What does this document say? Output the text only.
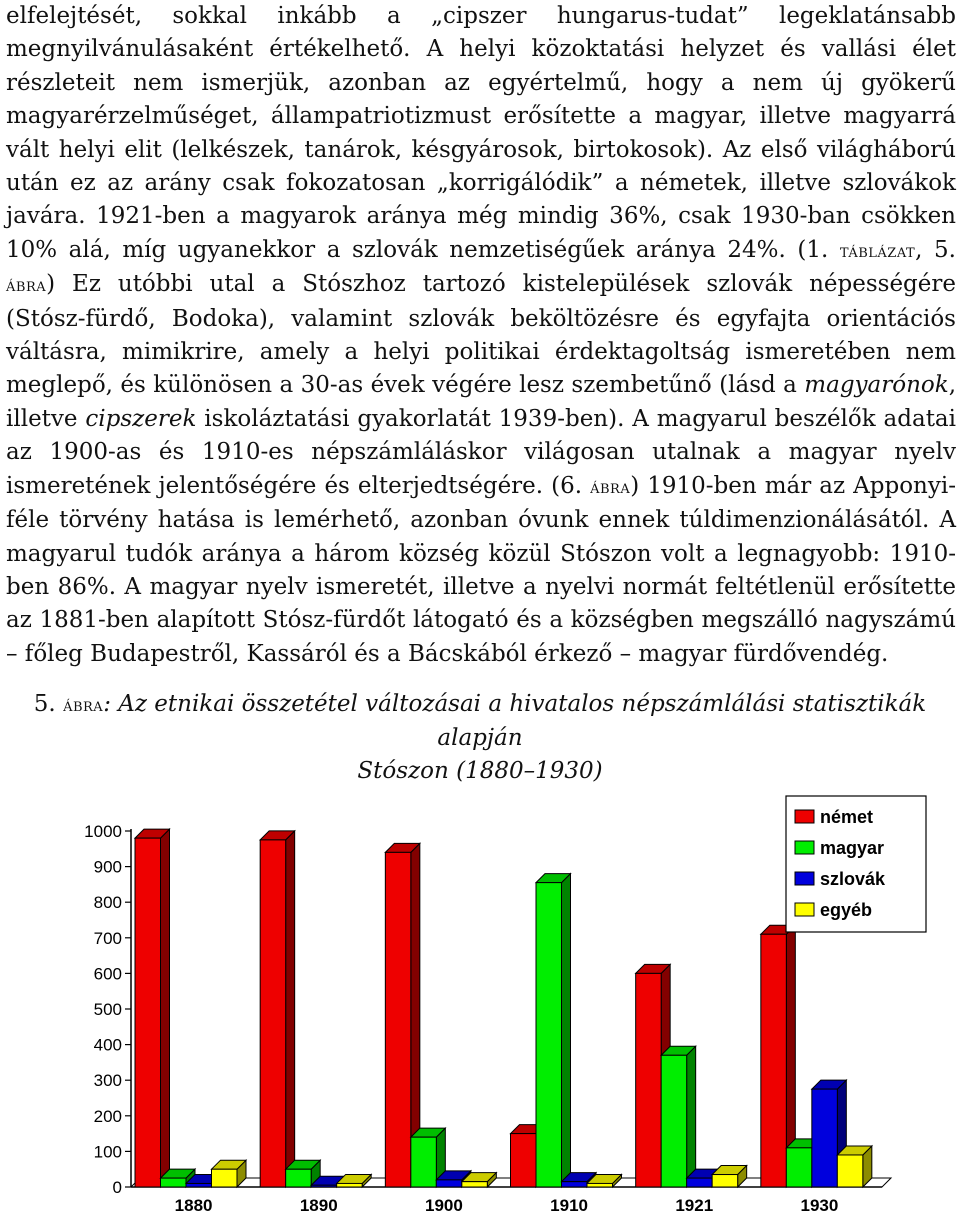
elfelejtését, sokkal inkább a „cipszer hungarus-tudat” legeklatánsabb megnyilvánulásaként értékelhető. A helyi közoktatási helyzet és vallási élet részleteit nem ismerjük, azonban az egyértelmű, hogy a nem új gyökerű magyarérzelműséget, állampatriotizmust erősítette a magyar, illetve magyarrá vált helyi elit (lelkészek, tanárok, késgyárosok, birtokosok). Az első világháború után ez az arány csak fokozatosan „korrigálódik” a németek, illetve szlovákok javára. 1921-ben a magyarok aránya még mindig 36%, csak 1930-ban csökken 10% alá, míg ugyanekkor a szlovák nemzetiségűek aránya 24%. (1. táblázat, 5. ábra) Ez utóbbi utal a Stószhoz tartozó kistelepülések szlovák népességére (Stósz-fürdő, Bodoka), valamint szlovák beköltözésre és egyfajta orientációs váltásra, mimikrire, amely a helyi politikai érdektagoltság ismeretében nem meglepő, és különösen a 30-as évek végére lesz szembetűnő (lásd a magyarónok, illetve cipszerek iskoláztatási gyakorlatát 1939-ben). A magyarul beszélők adatai az 1900-as és 1910-es népszámláláskor világosan utalnak a magyar nyelv ismeretének jelentőségére és elterjedtségére. (6. ábra) 1910-ben már az Apponyi-féle törvény hatása is lemérhető, azonban óvunk ennek túldimenzionálásától. A magyarul tudók aránya a három község közül Stószon volt a legnagyobb: 1910-ben 86%. A magyar nyelv ismeretét, illetve a nyelvi normát feltétlenül erősítette az 1881-ben alapított Stósz-fürdőt látogató és a községben megszálló nagyszámú – főleg Budapestről, Kassáról és a Bácskából érkező – magyar fürdővendég.

5. ábra: Az etnikai összetétel változásai a hivatalos népszámlálási statisztikák alapján
Stószon (1880–1930)
0
100
200
300
400
500
600
700
800
900
1000
1880	1890	1900	1910	1921	1930
német
magyar
szlovák
egyéb
